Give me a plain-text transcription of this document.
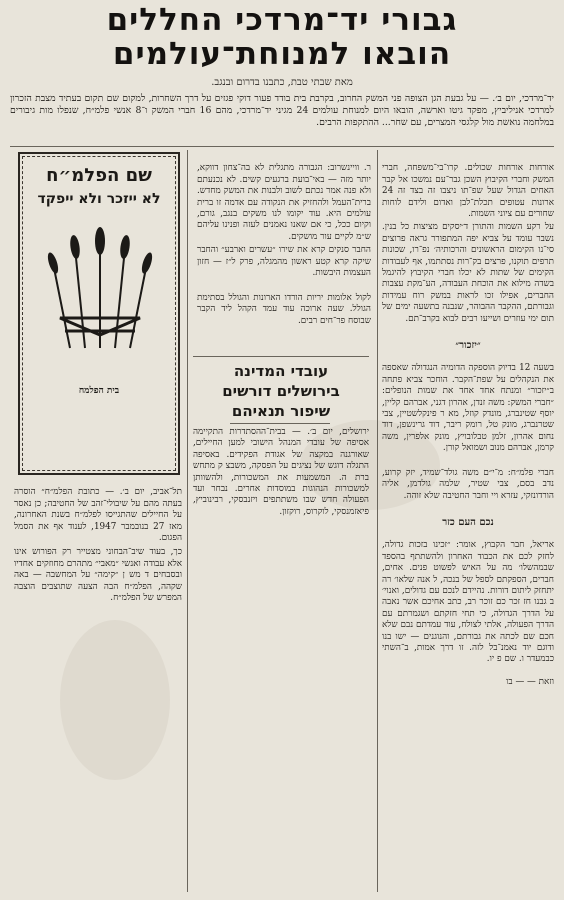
גבורי יד־מרדכי החללים
הובאו למנוחת־עולמים
מאת שבתי טבת, כתבנו בדרום ובנגב.
יד־מרדכי, יום ב׳. — על גבעת הגן הצופה פני המשק החרוב, בקרבת בית בודד פעור דוקי פגזים על דרך השחרות, למקום שם תקום בעתיד מצבת הזכרון למרדכי אניליביץ, מפקד גיטו וארשה, הובאו היום למנוחת עולמים 24 מגיני יד־מרדכי, מהם 16 חברי המשק ו־8 אנשי פלמ״ח, שנפלו מות גיבורים במלחמה נואשת מול קלגסי המצרים, עם שחר... ההתקפות הרבים.

אורחות אורחות שכולים. קרו־בי־משפחה, חברי המשק וחברי הקיבוץ השכן גבר־עם נמשכו אל קבר האחים הגדול שעל שפ־תו ניצבו זה בצד זה 24 ארונות עטופים תכלת־לבן ואדום ולידם לוחות שחורים עם ציוני השמות.

על רקע השמות והתורן ד׳יסקים מציצות כל בנין. נשבר עומד על צביא יפה המתפורר גראה פרוצים סי־נו הקימום הראשונים והרכותיה׳ נפ־רו, שכונות תרפים תוקנו, פרצים בק־רות נסתתמו, אף לעבודות הקימים של שתות לא יכלו חברי הקיבוץ להיגמל בשדה מילוא את הוכחת העבודה, הע־מקת עצבות החברים, אפילו זכו לראות במשק רוח עמידות וגבורתם, ההקבר ההבוהר, שנבנה בתשעה ימים של תום ימי עוזרים ושייעו רבים לבוא בקרב־תם.

״יזכור״

בשעה 12 בדיוק הוספקה הדומיה הנגדולה שאספה את הנקהלים על שפת־הקבר. הוחכר צביא פתחה ב״יזכור״ ומנתח אחד אחד את שמות הנופלים: ״חברי המשק: משה זנדן, אהרון דגני, אברהם קליין, יוסף שטינברג, מונדק קוזל, מא ר פינקלשטיין, צבי שטרנברג, מונק טל, רומק ריבר, דוד גרינשפן, דוד נחום אהרון, זלמן טבלובויץ, מונק אלפרין, משה קרמן, אברהם מנוב ושמואל קורן.

חברי פלמ״ח: מ־י״ם משה גולד־שמיד, יזק קרוע, נדב בסם, צבי שטיר, שלמה גולדמן, אליה הורדונזקי, עזרא ויי וחבר החטיבה שלא זוהה.

נכם העם כזר

אריאל, חבר הקבוץ, אומר: ״זכינו בזכות גדולה, לחזק לכם את הכבוד האחרון ולהשתתף בהספד שבמהשלו׳ מה על האיש לפשוט פנים. אחים, חברים, הספקתם לספל של בנכה, ל אנה שלאו׳ רה יתחזק ליתום דורות. נהיידם לנכם עם גדולים, ואנוי׳ ב גבנו חז זכר כם זוכר רב, כתב אחיכם אשר נאבה על הדרך הגדולה, כי תחי חזקתם ושגמרתם עם הדרך הפעולה, אלתי לצולח, עוד עמדתם נבם שלא חכם שם לכתה את גבורתם, והנוגנים — ישו בנו ודוגם יוד נאמנ־בל לזה. זו דרך אמות, ב־השתי כבמעדר ו. שם פ יו.

וזאת — — בו

ר. וויינשרוב: הגבורה מתגלית לא בה־צחון דווקא, יותר מזה — באי־בועת ברגעים קשים. לא נכנעתם ולא פנה אמר נכתם לשוב ולבנות את המשק מחדש. ברית־העמל ולהחזיק את הנקודה עם אדמה זו ברית עולמים היא. עוד יקומו לנו משקים בנגב, גורם, וקיום ככל, כי אם שאנו נאמנים לעזה ופנינו עליהם ש״מ לקיים עור מושקים.

החבר סנקים קרא את שירו ״עשרים וארבע״ והחבר שיקה קרא קטע ראשון מהמגלה, פרק ל״ז — חזון העצמות היבשות.

לקול אלומות יריות הורדו הארונות והגולל בסתימת הגולל. שעה ארוכה עוד עמד הקהל ליד הקבר שבוסח פר־חים רבים.

עובדי המדינה
בירושלים דורשים
שיפור תנאיהם
ירושלים, יום ב׳. — בבית־ההסתדרות התקיימה אסיפה של עובדי המנהל הישובי למען החיילים, שאורגנה במקצה של אגודת הפקידים. באסיפה התגלה דוגש של נציגים על הפסקה, משבצ ק מתחש ברת ה. המשמעות את המשכורות, ולהשוותן למשכורות הנהוגות במוסדות אחרים. נבחר ועד הפעולה חדש שבו משתתפים ויזנבסקי, רבינוביץ, פיאזמנסקי, לוקרוס, רוקזון.
שם הפלמ״ח
לא ייזכר ולא ייפקד
בית הפלמח

תל־אביב, יום ב׳. — כתובת הפלמ״ח״ הוסרה בעתה מהם על שיבולי־זהב של החטיבה; כן נאסר על החיילים שהתגייסו לפלמ״ח בשנת האחרונה, מאז 27 בנובמבר 1947, לענוד אף את הסמל הפגום.

כך, בעוד שיב־הבחוני מצטייר רק הפורוש אינו אלא עבודה ואנשי ״מאבי״ מתהרם מחוזקים אחדיו ובסבחים ד מש ן ״קימה״ על המחשבה — באה שקהה, הפלמ״ח הבה הצעה שתוצבים הוצבה המפרש של הפלמ״ח.
